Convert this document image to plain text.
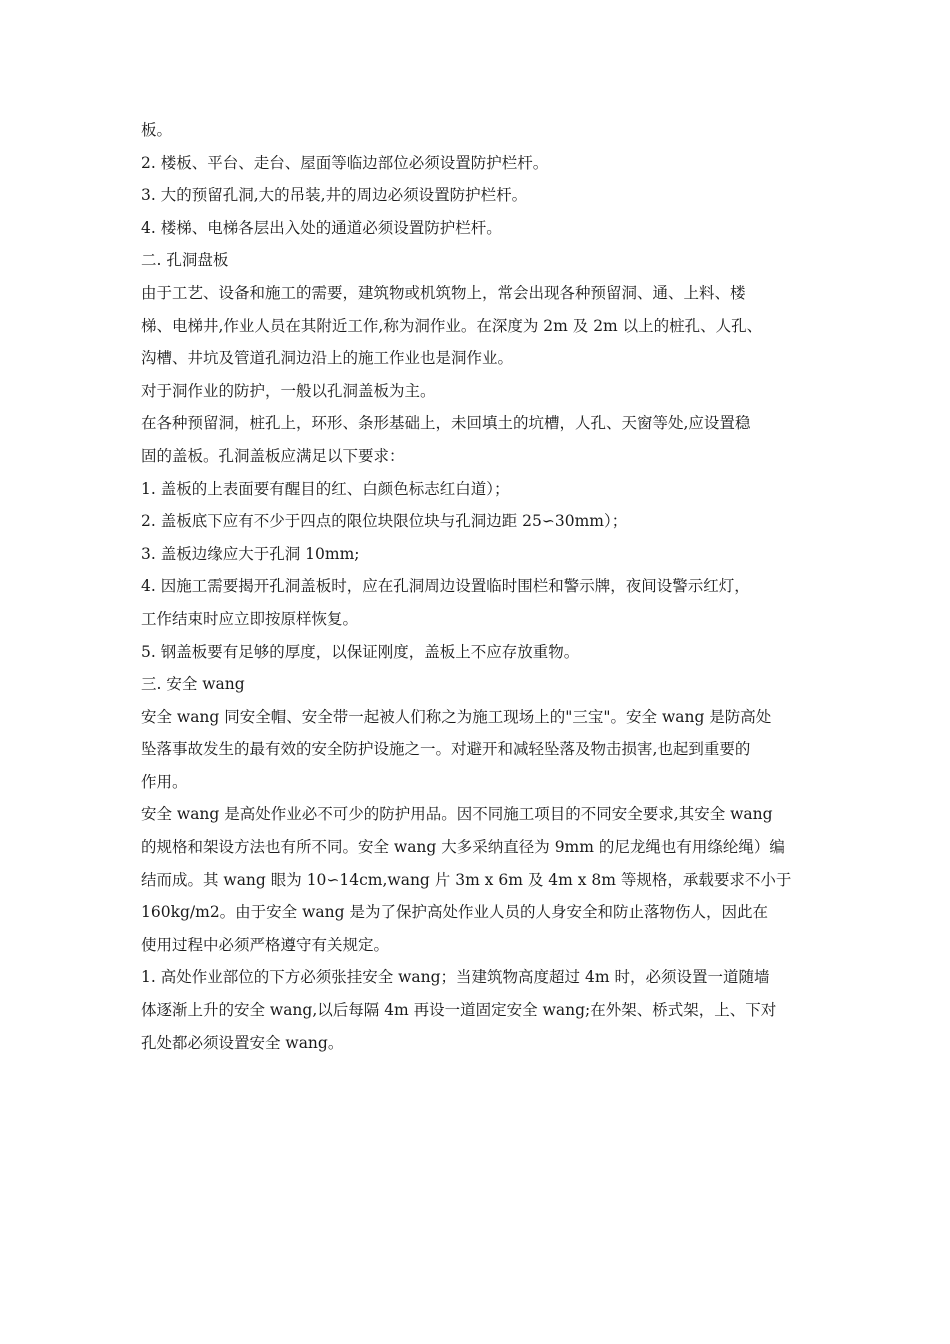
板。
2. 楼板、平台、走台、屋面等临边部位必须设置防护栏杆。
3. 大的预留孔洞,大的吊装,井的周边必须设置防护栏杆。
4. 楼梯、电梯各层出入处的通道必须设置防护栏杆。
二. 孔洞盘板
由于工艺、设备和施工的需要，建筑物或机筑物上，常会出现各种预留洞、通、上料、楼
梯、电梯井,作业人员在其附近工作,称为洞作业。在深度为 2m 及 2m 以上的桩孔、人孔、
沟槽、井坑及管道孔洞边沿上的施工作业也是洞作业。
对于洞作业的防护，一般以孔洞盖板为主。
在各种预留洞，桩孔上，环形、条形基础上，未回填土的坑槽，人孔、天窗等处,应设置稳
固的盖板。孔洞盖板应满足以下要求：
1. 盖板的上表面要有醒目的红、白颜色标志红白道）；
2. 盖板底下应有不少于四点的限位块限位块与孔洞边距 25∽30mm）；
3. 盖板边缘应大于孔洞 10mm;
4. 因施工需要揭开孔洞盖板时，应在孔洞周边设置临时围栏和警示牌，夜间设警示红灯，
工作结束时应立即按原样恢复。
5. 钢盖板要有足够的厚度，以保证刚度，盖板上不应存放重物。
三. 安全 wang
安全 wang 同安全帽、安全带一起被人们称之为施工现场上的"三宝"。安全 wang 是防高处
坠落事故发生的最有效的安全防护设施之一。对避开和减轻坠落及物击损害,也起到重要的
作用。
安全 wang 是高处作业必不可少的防护用品。因不同施工项目的不同安全要求,其安全 wang
的规格和架设方法也有所不同。安全 wang 大多采纳直径为 9mm 的尼龙绳也有用绦纶绳）编
结而成。其 wang 眼为 10∽14cm,wang 片 3m x 6m 及 4m x 8m 等规格，承载要求不小于
160kg/m2。由于安全 wang 是为了保护高处作业人员的人身安全和防止落物伤人，因此在
使用过程中必须严格遵守有关规定。
1. 高处作业部位的下方必须张挂安全 wang；当建筑物高度超过 4m 时，必须设置一道随墙
体逐渐上升的安全 wang,以后每隔 4m 再设一道固定安全 wang;在外架、桥式架，上、下对
孔处都必须设置安全 wang。
